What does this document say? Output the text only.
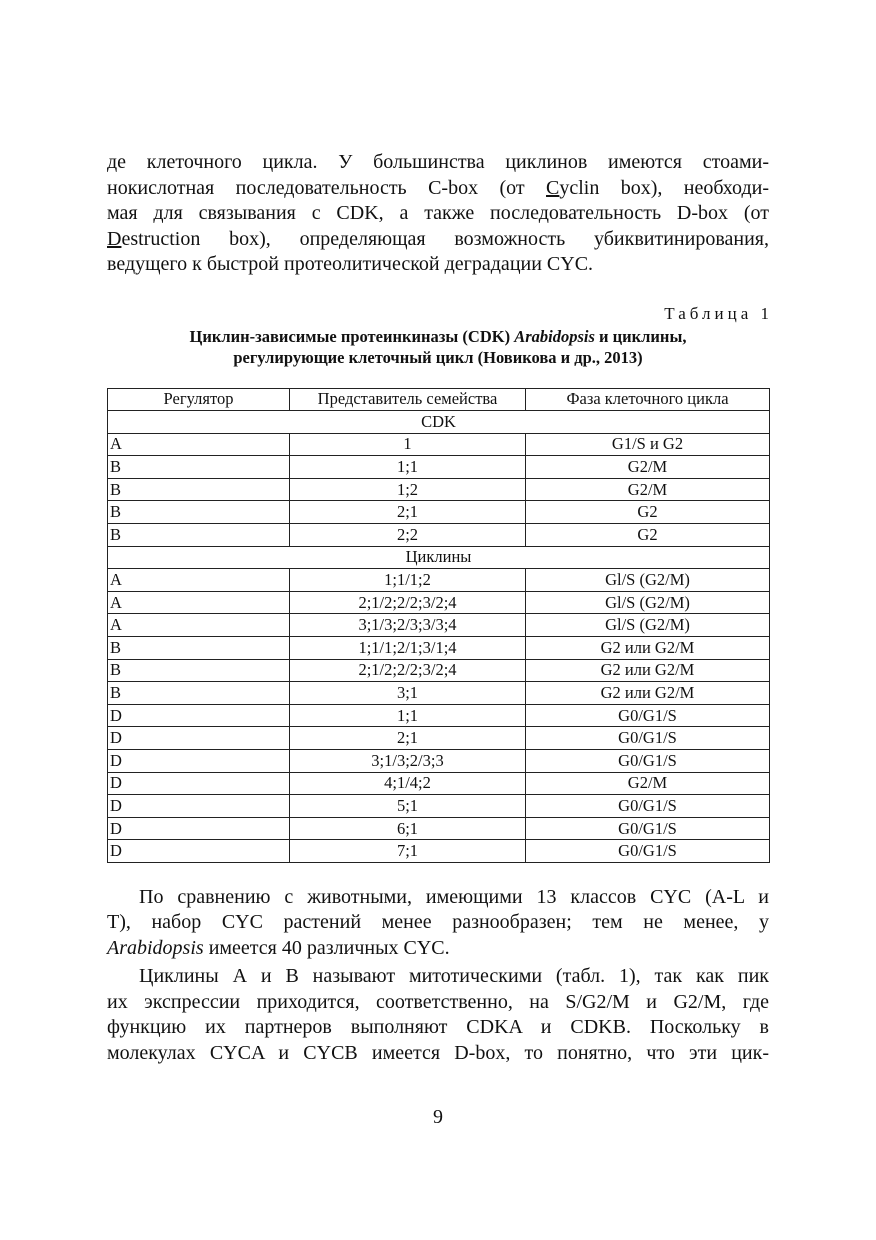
де клеточного цикла. У большинства циклинов имеются стоами-
нокислотная последовательность C-box (от Cyclin box), необходи-
мая для связывания с CDK, а также последовательность D-box (от
Destruction box), определяющая возможность убиквитинирования,
ведущего к быстрой протеолитической деградации CYC.

Таблица 1
Циклин-зависимые протеинкиназы (CDK) Arabidopsis и циклины,
регулирующие клеточный цикл (Новикова и др., 2013)
Регулятор	Представитель семейства	Фаза клеточного цикла
CDK		
A	1	G1/S и G2
B	1;1	G2/M
B	1;2	G2/M
B	2;1	G2
B	2;2	G2
Циклины		
A	1;1/1;2	Gl/S (G2/M)
A	2;1/2;2/2;3/2;4	Gl/S (G2/M)
A	3;1/3;2/3;3/3;4	Gl/S (G2/M)
B	1;1/1;2/1;3/1;4	G2 или G2/M
B	2;1/2;2/2;3/2;4	G2 или G2/M
B	3;1	G2 или G2/M
D	1;1	G0/G1/S
D	2;1	G0/G1/S
D	3;1/3;2/3;3	G0/G1/S
D	4;1/4;2	G2/M
D	5;1	G0/G1/S
D	6;1	G0/G1/S
D	7;1	G0/G1/S

По сравнению с животными, имеющими 13 классов CYC (A-L и
T), набор CYC растений менее разнообразен; тем не менее, у
Arabidopsis имеется 40 различных CYC.

Циклины А и В называют митотическими (табл. 1), так как пик
их экспрессии приходится, соответственно, на S/G2/M и G2/M, где
функцию их партнеров выполняют CDKA и CDKB. Поскольку в
молекулах CYCA и CYCB имеется D-box, то понятно, что эти цик-

9
